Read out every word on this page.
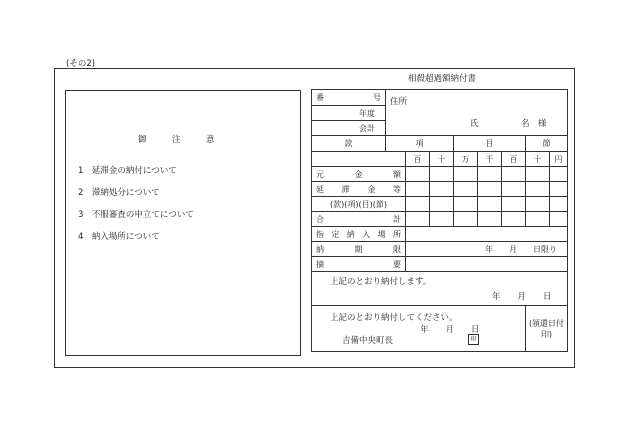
(その2)
御　　　注　　　意
1　延滞金の納付について
2　滞納処分について
3　不服審査の申立てについて
4　納入場所について
相殺超過額納付書
番　　　号	住所
氏　　　　　名　様							

年度								
会計								
款	項			目			節	
		百	十	万	千	百	十	円
元　金　額								
延　滞　金　等								
(款)(項)(目)(節)								
合　　　計								
指定納入場所								
納　　期　　限		年　　月　　日限り						
摘　　　要								

上記のとおり納付します。
年　　月　　日								

上記のとおり納付してください。
年　　月　　日
吉備中央町長 印							(領還日付印)	
